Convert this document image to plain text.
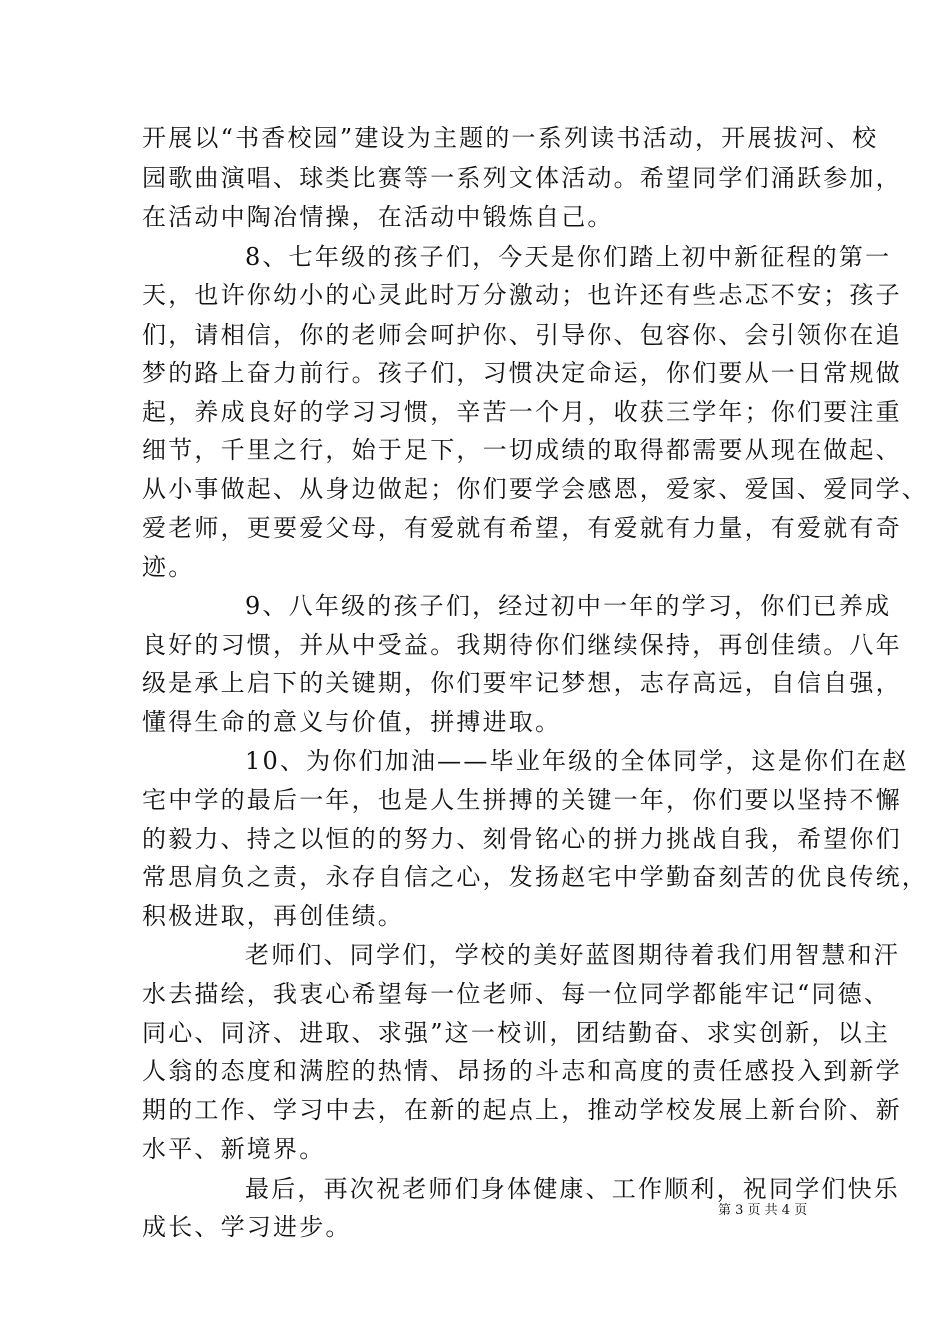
开展以“书香校园”建设为主题的一系列读书活动，开展拔河、校
园歌曲演唱、球类比赛等一系列文体活动。希望同学们涌跃参加，
在活动中陶冶情操，在活动中锻炼自己。
8、七年级的孩子们，今天是你们踏上初中新征程的第一
天，也许你幼小的心灵此时万分激动；也许还有些忐忑不安；孩子
们，请相信，你的老师会呵护你、引导你、包容你、会引领你在追
梦的路上奋力前行。孩子们，习惯决定命运，你们要从一日常规做
起，养成良好的学习习惯，辛苦一个月，收获三学年；你们要注重
细节，千里之行，始于足下，一切成绩的取得都需要从现在做起、
从小事做起、从身边做起；你们要学会感恩，爱家、爱国、爱同学、
爱老师，更要爱父母，有爱就有希望，有爱就有力量，有爱就有奇
迹。
9、八年级的孩子们，经过初中一年的学习，你们已养成
良好的习惯，并从中受益。我期待你们继续保持，再创佳绩。八年
级是承上启下的关键期，你们要牢记梦想，志存高远，自信自强，
懂得生命的意义与价值，拼搏进取。
10、为你们加油——毕业年级的全体同学，这是你们在赵
宅中学的最后一年，也是人生拼搏的关键一年，你们要以坚持不懈
的毅力、持之以恒的的努力、刻骨铭心的拼力挑战自我，希望你们
常思肩负之责，永存自信之心，发扬赵宅中学勤奋刻苦的优良传统，
积极进取，再创佳绩。
老师们、同学们，学校的美好蓝图期待着我们用智慧和汗
水去描绘，我衷心希望每一位老师、每一位同学都能牢记“同德、
同心、同济、进取、求强”这一校训，团结勤奋、求实创新，以主
人翁的态度和满腔的热情、昂扬的斗志和高度的责任感投入到新学
期的工作、学习中去，在新的起点上，推动学校发展上新台阶、新
水平、新境界。
最后，再次祝老师们身体健康、工作顺利，祝同学们快乐
成长、学习进步。
第 3 页 共 4 页
